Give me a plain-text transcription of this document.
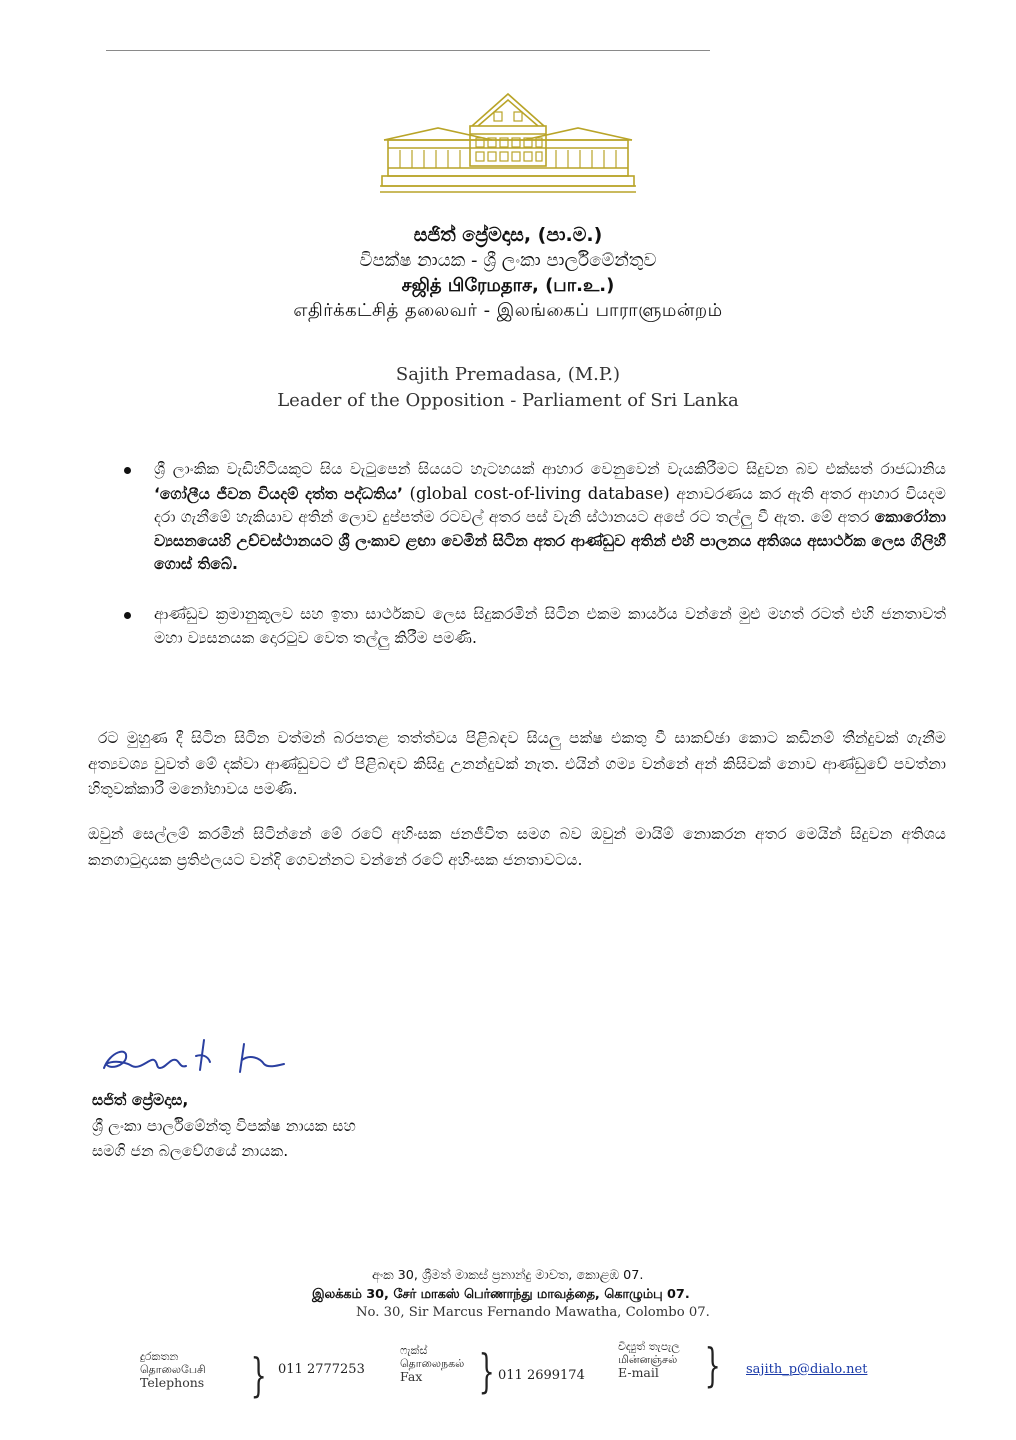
සජිත් ප්‍රේමදාස, (පා.ම.)
විපක්ෂ නායක - ශ්‍රී ලංකා පාර්ලිමේන්තුව
சஜித் பிரேமதாச, (பா.உ.)
எதிர்க்கட்சித் தலைவர் - இலங்கைப் பாராளுமன்றம்
Sajith Premadasa, (M.P.)
Leader of the Opposition - Parliament of Sri Lanka
ශ්‍රී ලාංකික වැඩිහිටියකුට සිය වැටුපෙන් සියයට හැටහයක් ආහාර වෙනුවෙන් වැයකිරීමට සිදුවන බව එක්සත් රාජධානිය ‘ගෝලීය ජීවන වියදම් දත්ත පද්ධතිය’ (global cost-of-living database) අනාවරණය කර ඇති අතර ආහාර වියදම දරා ගැනීමේ හැකියාව අතින් ලොව දුප්පත්ම රටවල් අතර පස් වැනි ස්ථානයට අපේ රට තල්ලු වී ඇත. මේ අතර කොරෝනා ව්‍යසනයෙහි උච්චස්ථානයට ශ්‍රී ලංකාව ළඟා වෙමින් සිටින අතර ආණ්ඩුව අතින් එහි පාලනය අතිශය අසාර්ථක ලෙස ගිලිහී ගොස් තිබේ.
ආණ්ඩුව ක්‍රමානුකූලව සහ ඉතා සාර්ථකව ලෙස සිදුකරමින් සිටින එකම කාර්යය වන්නේ මුළු මහත් රටත් එහි ජනතාවත් මහා ව්‍යසනයක දොරටුව වෙත තල්ලු කිරීම පමණි.

රට මුහුණ දී සිටින සිටින වත්මන් බරපතළ තත්ත්වය පිළිබඳව සියලු පක්ෂ එකතු වී සාකච්ඡා කොට කඩිනම් තීන්දුවක් ගැනීම අත්‍යවශ්‍ය වුවත් මේ දක්වා ආණ්ඩුවට ඒ පිළිබඳව කිසිදු උනන්දුවක් නැත. එයින් ගම්‍ය වන්නේ අන් කිසිවක් නොව ආණ්ඩුවේ පවත්නා හිතුවක්කාරී මනෝභාවය පමණි.

ඔවුන් සෙල්ලම් කරමින් සිටින්නේ මේ රටේ අහිංසක ජනජීවිත සමග බව ඔවුන් මායිම් නොකරන අතර මෙයින් සිදුවන අතිශය කනගාටුදායක ප්‍රතිඵලයට වන්දි ගෙවන්නට වන්නේ රටේ අහිංසක ජනතාවටය.

සජිත් ප්‍රේමදාස,
ශ්‍රී ලංකා පාර්ලිමේන්තු විපක්ෂ නායක සහ
සමගි ජන බලවේගයේ නායක.
අංක 30, ශ්‍රීමත් මාකස් ප්‍රනාන්දු මාවත, කොළඹ 07.
இலக்கம் 30, சேர் மாகஸ் பெர்ணாந்து மாவத்தை, கொழும்பு 07.
No. 30, Sir Marcus Fernando Mawatha, Colombo 07.
දුරකතන
தொலைபேசி
Telephons } 011 2777253
ෆැක්ස්
தொலைநகல்
Fax	} 011 2699174
විද්‍යුත් තැපැල
மின்னஞ்சல்
E-mail } sajith_p@dialo.net
